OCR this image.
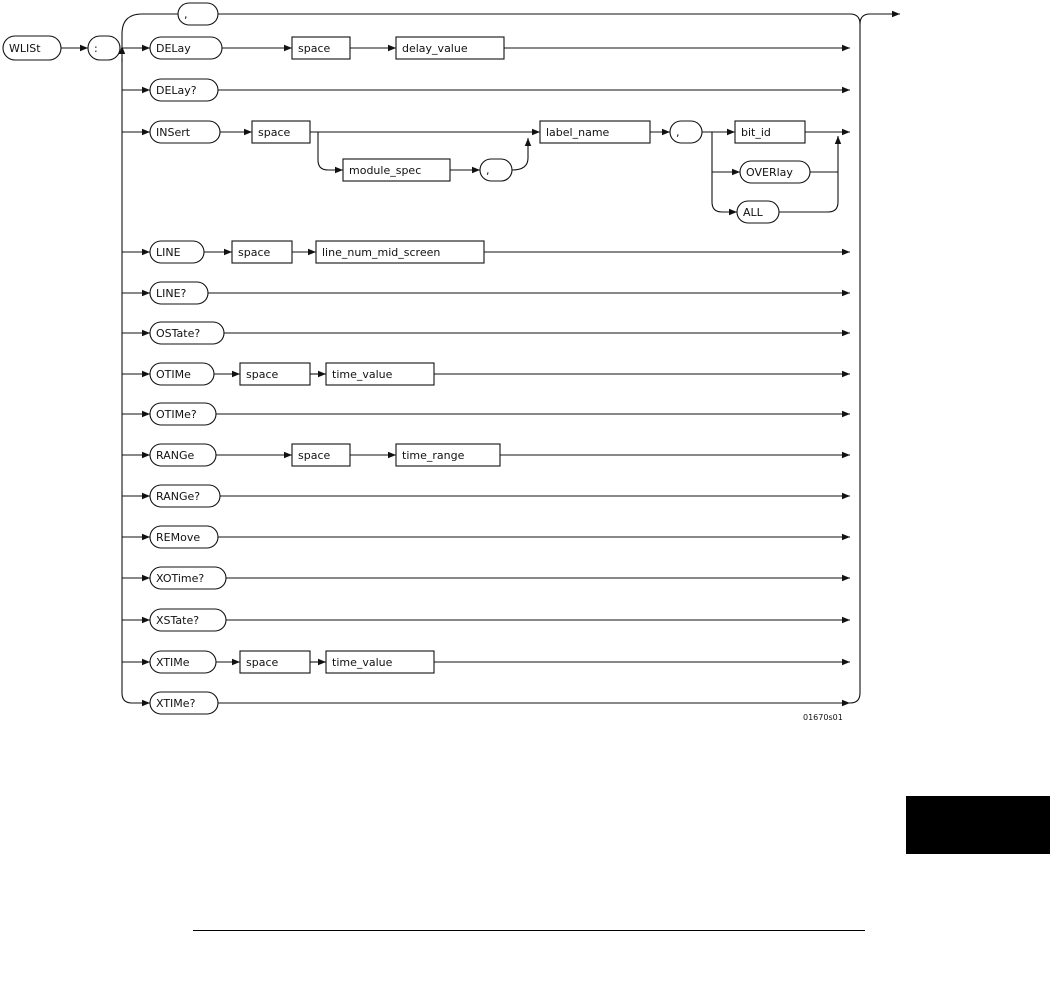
WLISt	:	DELay
DELay?
INSert
LINE
LINE?
OSTate?
OTIMe
OTIMe?
RANGe
RANGe?
REMove
XOTime?
XSTate?
XTIMe
XTIMe?
,
space	delay_value
space
module_spec	,
label_name	,	bit_id
OVERlay
ALL
space	line_num_mid_screen
space	time_value
space	time_range
space	time_value
01670s01
